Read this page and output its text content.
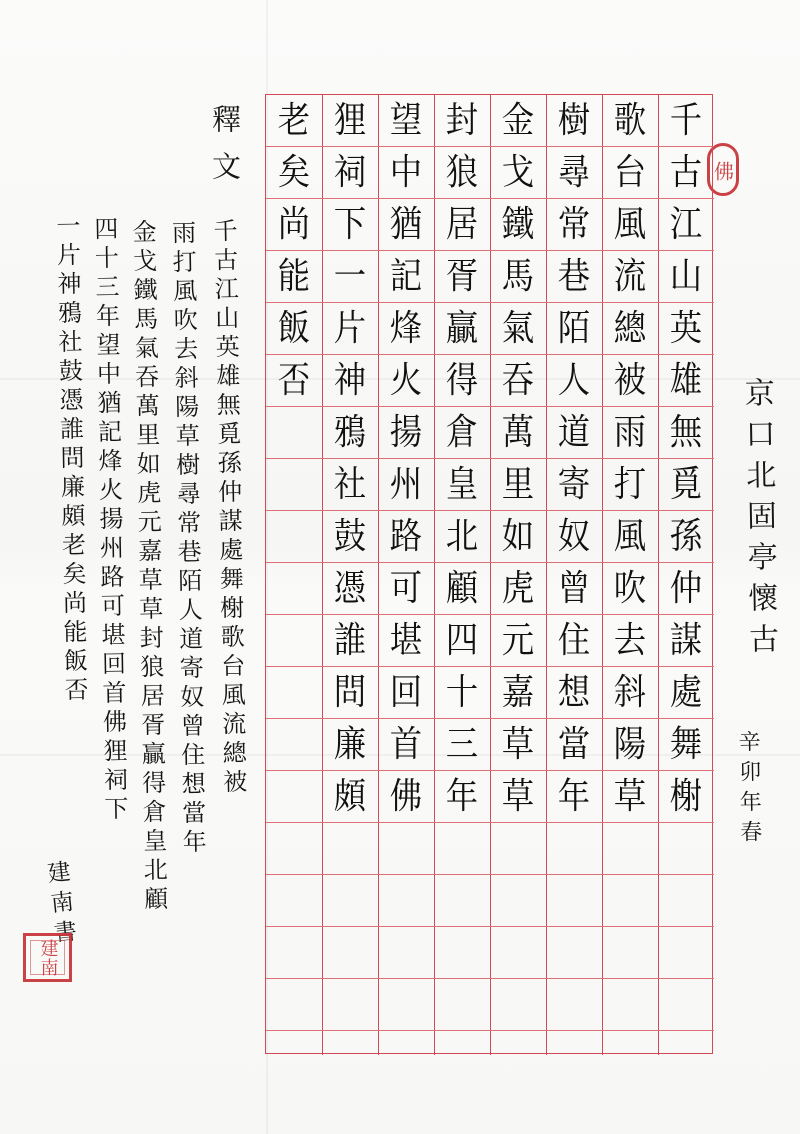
京口北固亭懷古
辛卯年春
佛
千
古
江
山
英
雄
無
覓
孫
仲
謀
處
舞
榭
歌
台
風
流
總
被
雨
打
風
吹
去
斜
陽
草
樹
尋
常
巷
陌
人
道
寄
奴
曾
住
想
當
年
金
戈
鐵
馬
氣
吞
萬
里
如
虎
元
嘉
草
草
封
狼
居
胥
贏
得
倉
皇
北
顧
四
十
三
年
望
中
猶
記
烽
火
揚
州
路
可
堪
回
首
佛
狸
祠
下
一
片
神
鴉
社
鼓
憑
誰
問
廉
頗
老
矣
尚
能
飯
否
釋文
千古江山英雄無覓孫仲謀處舞榭歌台風流總被
雨打風吹去斜陽草樹尋常巷陌人道寄奴曾住想當年
金戈鐵馬氣吞萬里如虎元嘉草草封狼居胥贏得倉皇北顧
四十三年望中猶記烽火揚州路可堪回首佛狸祠下
一片神鴉社鼓憑誰問廉頗老矣尚能飯否
建南書
建南
